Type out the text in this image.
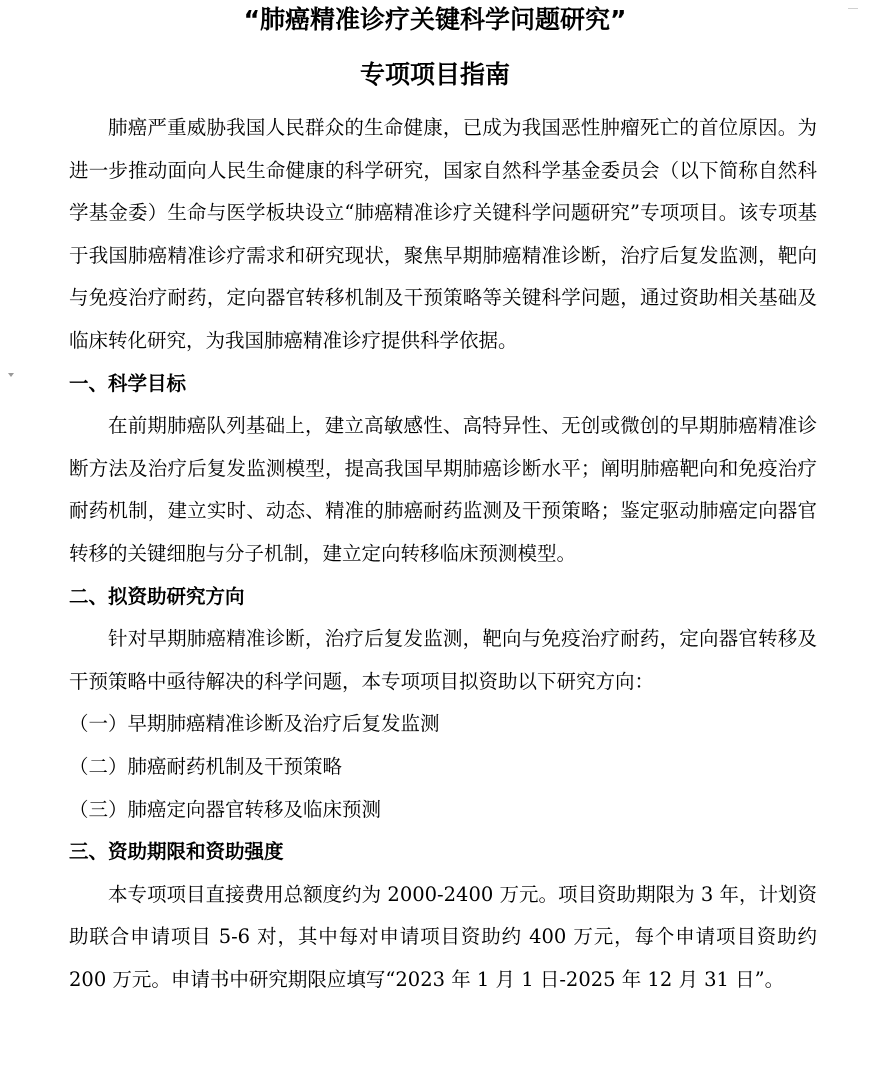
“肺癌精准诊疗关键科学问题研究”
专项项目指南

肺癌严重威胁我国人民群众的生命健康，已成为我国恶性肿瘤死亡的首位原因。为进一步推动面向人民生命健康的科学研究，国家自然科学基金委员会（以下简称自然科学基金委）生命与医学板块设立“肺癌精准诊疗关键科学问题研究”专项项目。该专项基于我国肺癌精准诊疗需求和研究现状，聚焦早期肺癌精准诊断，治疗后复发监测，靶向与免疫治疗耐药，定向器官转移机制及干预策略等关键科学问题，通过资助相关基础及临床转化研究，为我国肺癌精准诊疗提供科学依据。

一、科学目标

在前期肺癌队列基础上，建立高敏感性、高特异性、无创或微创的早期肺癌精准诊断方法及治疗后复发监测模型，提高我国早期肺癌诊断水平；阐明肺癌靶向和免疫治疗耐药机制，建立实时、动态、精准的肺癌耐药监测及干预策略；鉴定驱动肺癌定向器官转移的关键细胞与分子机制，建立定向转移临床预测模型。

二、拟资助研究方向

针对早期肺癌精准诊断，治疗后复发监测，靶向与免疫治疗耐药，定向器官转移及干预策略中亟待解决的科学问题，本专项项目拟资助以下研究方向：

（一）早期肺癌精准诊断及治疗后复发监测

（二）肺癌耐药机制及干预策略

（三）肺癌定向器官转移及临床预测

三、资助期限和资助强度

本专项项目直接费用总额度约为 2000-2400 万元。项目资助期限为 3 年，计划资助联合申请项目 5-6 对，其中每对申请项目资助约 400 万元，每个申请项目资助约 200 万元。申请书中研究期限应填写“2023 年 1 月 1 日-2025 年 12 月 31 日”。
